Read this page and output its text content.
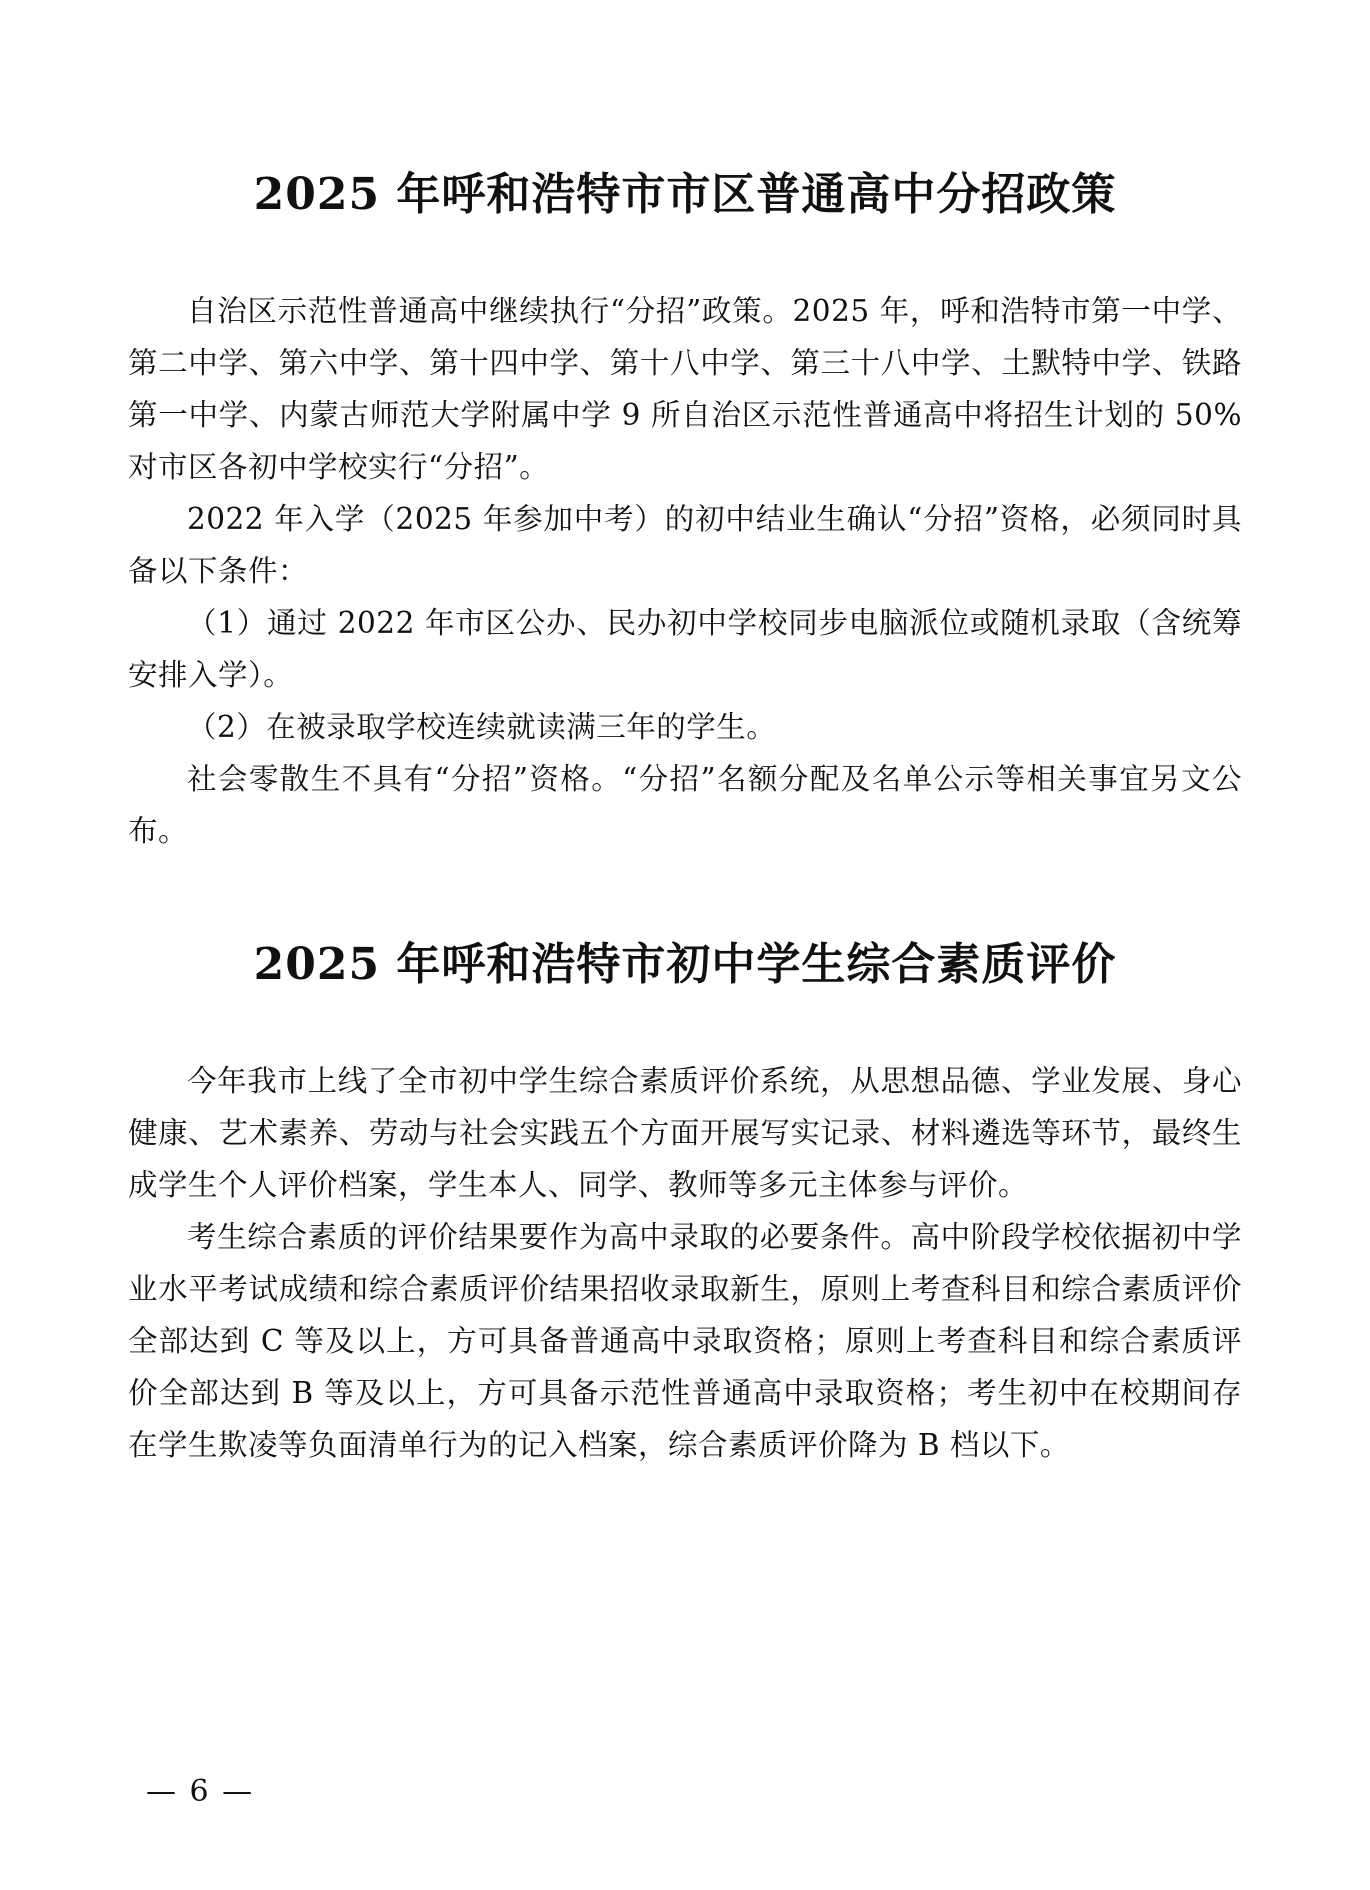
2025 年呼和浩特市市区普通高中分招政策

自治区示范性普通高中继续执行“分招”政策。2025 年，呼和浩特市第一中学、第二中学、第六中学、第十四中学、第十八中学、第三十八中学、土默特中学、铁路第一中学、内蒙古师范大学附属中学 9 所自治区示范性普通高中将招生计划的 50% 对市区各初中学校实行“分招”。

2022 年入学（2025 年参加中考）的初中结业生确认“分招”资格，必须同时具备以下条件：

（1）通过 2022 年市区公办、民办初中学校同步电脑派位或随机录取（含统筹安排入学）。

（2）在被录取学校连续就读满三年的学生。

社会零散生不具有“分招”资格。“分招”名额分配及名单公示等相关事宜另文公布。

2025 年呼和浩特市初中学生综合素质评价

今年我市上线了全市初中学生综合素质评价系统，从思想品德、学业发展、身心健康、艺术素养、劳动与社会实践五个方面开展写实记录、材料遴选等环节，最终生成学生个人评价档案，学生本人、同学、教师等多元主体参与评价。

考生综合素质的评价结果要作为高中录取的必要条件。高中阶段学校依据初中学业水平考试成绩和综合素质评价结果招收录取新生，原则上考查科目和综合素质评价全部达到 C 等及以上，方可具备普通高中录取资格；原则上考查科目和综合素质评价全部达到 B 等及以上，方可具备示范性普通高中录取资格；考生初中在校期间存在学生欺凌等负面清单行为的记入档案，综合素质评价降为 B 档以下。

— 6 —
